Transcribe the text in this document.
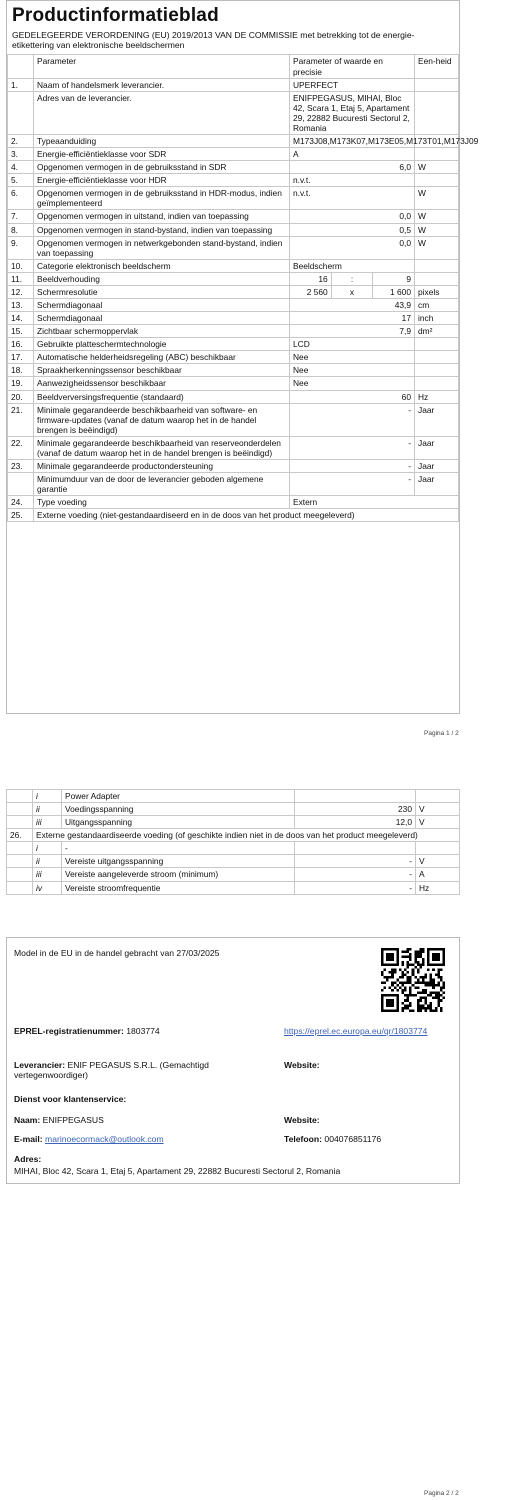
Productinformatieblad
GEDELEGEERDE VERORDENING (EU) 2019/2013 VAN DE COMMISSIE met betrekking tot de energie-etikettering van elektronische beeldschermen
	Parameter	Parameter of waarde en precisie			Een-heid
1.	Naam of handelsmerk leverancier.	UPERFECT			
	Adres van de leverancier.	ENIFPEGASUS, MIHAI, Bloc 42, Scara 1, Etaj 5, Apartament 29, 22882 Bucuresti Sectorul 2, Romania			
2.	Typeaanduiding	M173J08,M173K07,M173E05,M173T01,M173J09			
3.	Energie-efficiëntieklasse voor SDR	A			
4.	Opgenomen vermogen in de gebruiksstand in SDR	6,0			W
5.	Energie-efficiëntieklasse voor HDR	n.v.t.			
6.	Opgenomen vermogen in de gebruiksstand in HDR-modus, indien geïmplementeerd	n.v.t.			W
7.	Opgenomen vermogen in uitstand, indien van toepassing	0,0			W
8.	Opgenomen vermogen in stand-bystand, indien van toepassing	0,5			W
9.	Opgenomen vermogen in netwerkgebonden stand-bystand, indien van toepassing	0,0			W
10.	Categorie elektronisch beeldscherm	Beeldscherm			
11.	Beeldverhouding	16	:	9	
12.	Schermresolutie	2 560	x	1 600	pixels
13.	Schermdiagonaal	43,9			cm
14.	Schermdiagonaal	17			inch
15.	Zichtbaar schermoppervlak	7,9			dm²
16.	Gebruikte platteschermtechnologie	LCD			
17.	Automatische helderheidsregeling (ABC) beschikbaar	Nee			
18.	Spraakherkenningssensor beschikbaar	Nee			
19.	Aanwezigheidssensor beschikbaar	Nee			
20.	Beeldverversingsfrequentie (standaard)	60			Hz
21.	Minimale gegarandeerde beschikbaarheid van software- en firmware-updates (vanaf de datum waarop het in de handel brengen is beëindigd)	-			Jaar
22.	Minimale gegarandeerde beschikbaarheid van reserveonderdelen (vanaf de datum waarop het in de handel brengen is beëindigd)	-			Jaar
23.	Minimale gegarandeerde productondersteuning	-			Jaar
	Minimumduur van de door de leverancier geboden algemene garantie	-			Jaar
24.	Type voeding	Extern			
25.	Externe voeding (niet-gestandaardiseerd en in de doos van het product meegeleverd)				
Pagina 1 / 2
	i	Power Adapter		
	ii	Voedingsspanning	230	V
	iii	Uitgangsspanning	12,0	V
26.	Externe gestandaardiseerde voeding (of geschikte indien niet in de doos van het product meegeleverd)			
	i	-		
	ii	Vereiste uitgangsspanning	-	V
	iii	Vereiste aangeleverde stroom (minimum)	-	A
	iv	Vereiste stroomfrequentie	-	Hz
Model in de EU in de handel gebracht van 27/03/2025
EPREL-registratienummer: 1803774	https://eprel.ec.europa.eu/qr/1803774
Leverancier: ENIF PEGASUS S.R.L. (Gemachtigd vertegenwoordiger)
Website:
Dienst voor klantenservice:
Naam: ENIFPEGASUS	Website:
E-mail: marinoecormack@outlook.com	Telefoon: 004076851176
Adres:
MIHAI, Bloc 42, Scara 1, Etaj 5, Apartament 29, 22882 Bucuresti Sectorul 2, Romania
Pagina 2 / 2
